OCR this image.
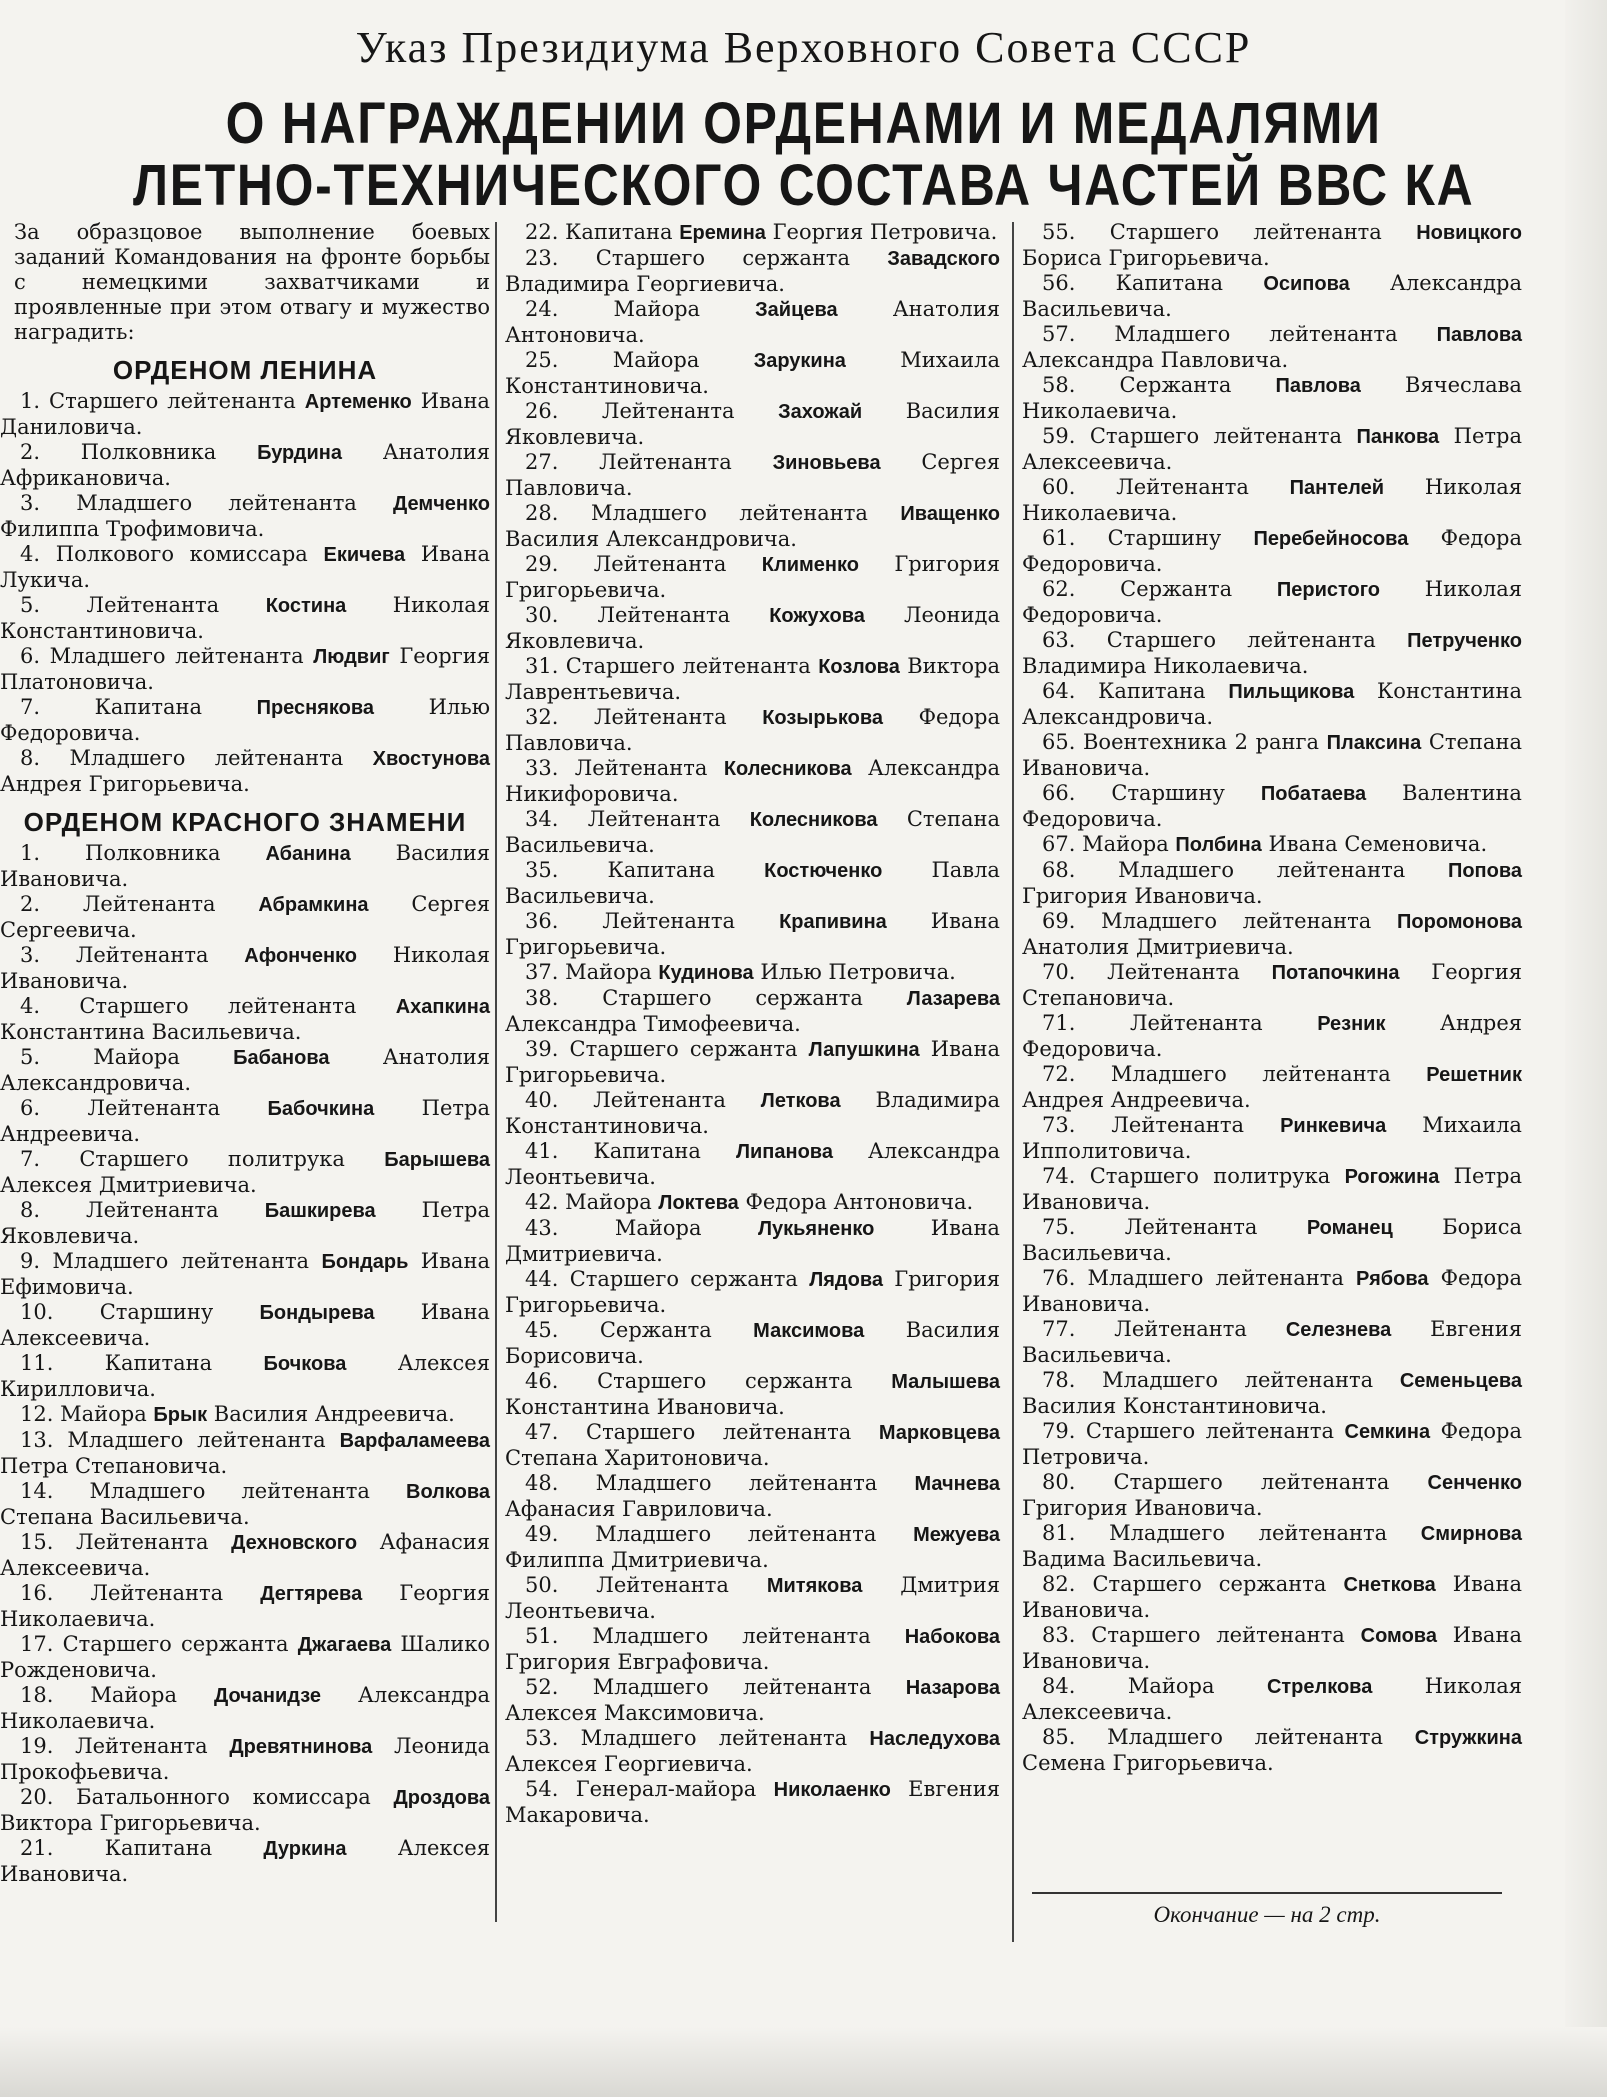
Указ Президиума Верховного Совета СССР
О НАГРАЖДЕНИИ ОРДЕНАМИ И МЕДАЛЯМИ
ЛЕТНО-ТЕХНИЧЕСКОГО СОСТАВА ЧАСТЕЙ ВВС КА

За образцовое выполнение боевых заданий Командования на фронте борьбы с немецкими захватчиками и проявленные при этом отвагу и мужество наградить:

ОРДЕНОМ ЛЕНИНА

1. Старшего лейтенанта Артеменко Ивана Даниловича.

2. Полковника Бурдина Анатолия Африкановича.

3. Младшего лейтенанта Демченко Филиппа Трофимовича.

4. Полкового комиссара Екичева Ивана Лукича.

5. Лейтенанта Костина Николая Константиновича.

6. Младшего лейтенанта Людвиг Георгия Платоновича.

7.	Капитана	Преснякова	Илью Федоровича.

8. Младшего лейтенанта Хвостунова Андрея Григорьевича.

ОРДЕНОМ КРАСНОГО ЗНАМЕНИ

1. Полковника Абанина Василия Ивановича.

2. Лейтенанта Абрамкина Сергея Сергеевича.

3. Лейтенанта Афонченко Николая Ивановича.

4. Старшего лейтенанта Ахапкина Константина Васильевича.

5.	Майора	Бабанова	Анатолия Александровича.

6. Лейтенанта Бабочкина Петра Андреевича.

7. Старшего политрука Барышева Алексея Дмитриевича.

8. Лейтенанта Башкирева Петра Яковлевича.

9. Младшего лейтенанта Бондарь Ивана Ефимовича.

10. Старшину Бондырева Ивана Алексеевича.

11. Капитана	Бочкова Алексея Кирилловича.

12. Майора Брык Василия Андреевича.

13. Младшего лейтенанта Варфаламеева Петра Степановича.

14. Младшего лейтенанта Волкова Степана Васильевича.

15. Лейтенанта Дехновского Афанасия Алексеевича.

16. Лейтенанта Дегтярева Георгия Николаевича.

17. Старшего сержанта Джагаева Шалико Рожденовича.

18. Майора Дочанидзе Александра Николаевича.

19. Лейтенанта Древятнинова Леонида Прокофьевича.

20. Батальонного комиссара Дроздова Виктора Григорьевича.

21. Капитана	Дуркина Алексея Ивановича.

22. Капитана Еремина Георгия Петровича.

23. Старшего сержанта Завадского Владимира Георгиевича.

24.	Майора	Зайцева	Анатолия Антоновича.

25.	Майора	Зарукина	Михаила Константиновича.

26. Лейтенанта Захожай Василия Яковлевича.

27. Лейтенанта Зиновьева Сергея Павловича.

28. Младшего лейтенанта Иващенко Василия Александровича.

29. Лейтенанта Клименко Григория Григорьевича.

30. Лейтенанта Кожухова Леонида Яковлевича.

31. Старшего лейтенанта Козлова Виктора Лаврентьевича.

32. Лейтенанта Козырькова Федора Павловича.

33. Лейтенанта Колесникова Александра Никифоровича.

34. Лейтенанта Колесникова Степана Васильевича.

35. Капитана Костюченко Павла Васильевича.

36. Лейтенанта Крапивина Ивана Григорьевича.

37. Майора Кудинова Илью Петровича.

38. Старшего сержанта Лазарева Александра Тимофеевича.

39. Старшего сержанта Лапушкина Ивана Григорьевича.

40. Лейтенанта Леткова Владимира Константиновича.

41. Капитана Липанова Александра Леонтьевича.

42. Майора Локтева Федора Антоновича.

43.	Майора	Лукьяненко	Ивана Дмитриевича.

44. Старшего сержанта Лядова Григория Григорьевича.

45. Сержанта Максимова Василия Борисовича.

46. Старшего сержанта Малышева Константина Ивановича.

47. Старшего лейтенанта Марковцева Степана Харитоновича.

48. Младшего лейтенанта Мачнева Афанасия Гавриловича.

49. Младшего лейтенанта Межуева Филиппа Дмитриевича.

50. Лейтенанта Митякова Дмитрия Леонтьевича.

51. Младшего лейтенанта Набокова Григория Евграфовича.

52. Младшего лейтенанта Назарова Алексея Максимовича.

53. Младшего лейтенанта Наследухова Алексея Георгиевича.

54. Генерал-майора Николаенко Евгения Макаровича.

55. Старшего лейтенанта Новицкого Бориса Григорьевича.

56. Капитана Осипова Александра Васильевича.

57. Младшего лейтенанта Павлова Александра Павловича.

58. Сержанта Павлова Вячеслава Николаевича.

59. Старшего лейтенанта Панкова Петра Алексеевича.

60. Лейтенанта Пантелей Николая Николаевича.

61. Старшину Перебейносова Федора Федоровича.

62. Сержанта Перистого Николая Федоровича.

63. Старшего лейтенанта Петрученко Владимира Николаевича.

64. Капитана Пильщикова Константина Александровича.

65. Воентехника 2 ранга Плаксина Степана Ивановича.

66. Старшину Побатаева Валентина Федоровича.

67. Майора Полбина Ивана Семеновича.

68. Младшего лейтенанта Попова Григория Ивановича.

69. Младшего лейтенанта Поромонова Анатолия Дмитриевича.

70. Лейтенанта Потапочкина Георгия Степановича.

71.	Лейтенанта	Резник	Андрея Федоровича.

72. Младшего лейтенанта Решетник Андрея Андреевича.

73. Лейтенанта Ринкевича Михаила Ипполитовича.

74. Старшего политрука Рогожина Петра Ивановича.

75. Лейтенанта Романец Бориса Васильевича.

76. Младшего лейтенанта Рябова Федора Ивановича.

77. Лейтенанта Селезнева Евгения Васильевича.

78. Младшего лейтенанта Семеньцева Василия Константиновича.

79. Старшего лейтенанта Семкина Федора Петровича.

80. Старшего лейтенанта Сенченко Григория Ивановича.

81. Младшего лейтенанта Смирнова Вадима Васильевича.

82. Старшего сержанта Снеткова Ивана Ивановича.

83. Старшего лейтенанта Сомова Ивана Ивановича.

84. Майора	Стрелкова Николая Алексеевича.

85. Младшего лейтенанта Стружкина Семена Григорьевича.

Окончание — на 2 стр.
